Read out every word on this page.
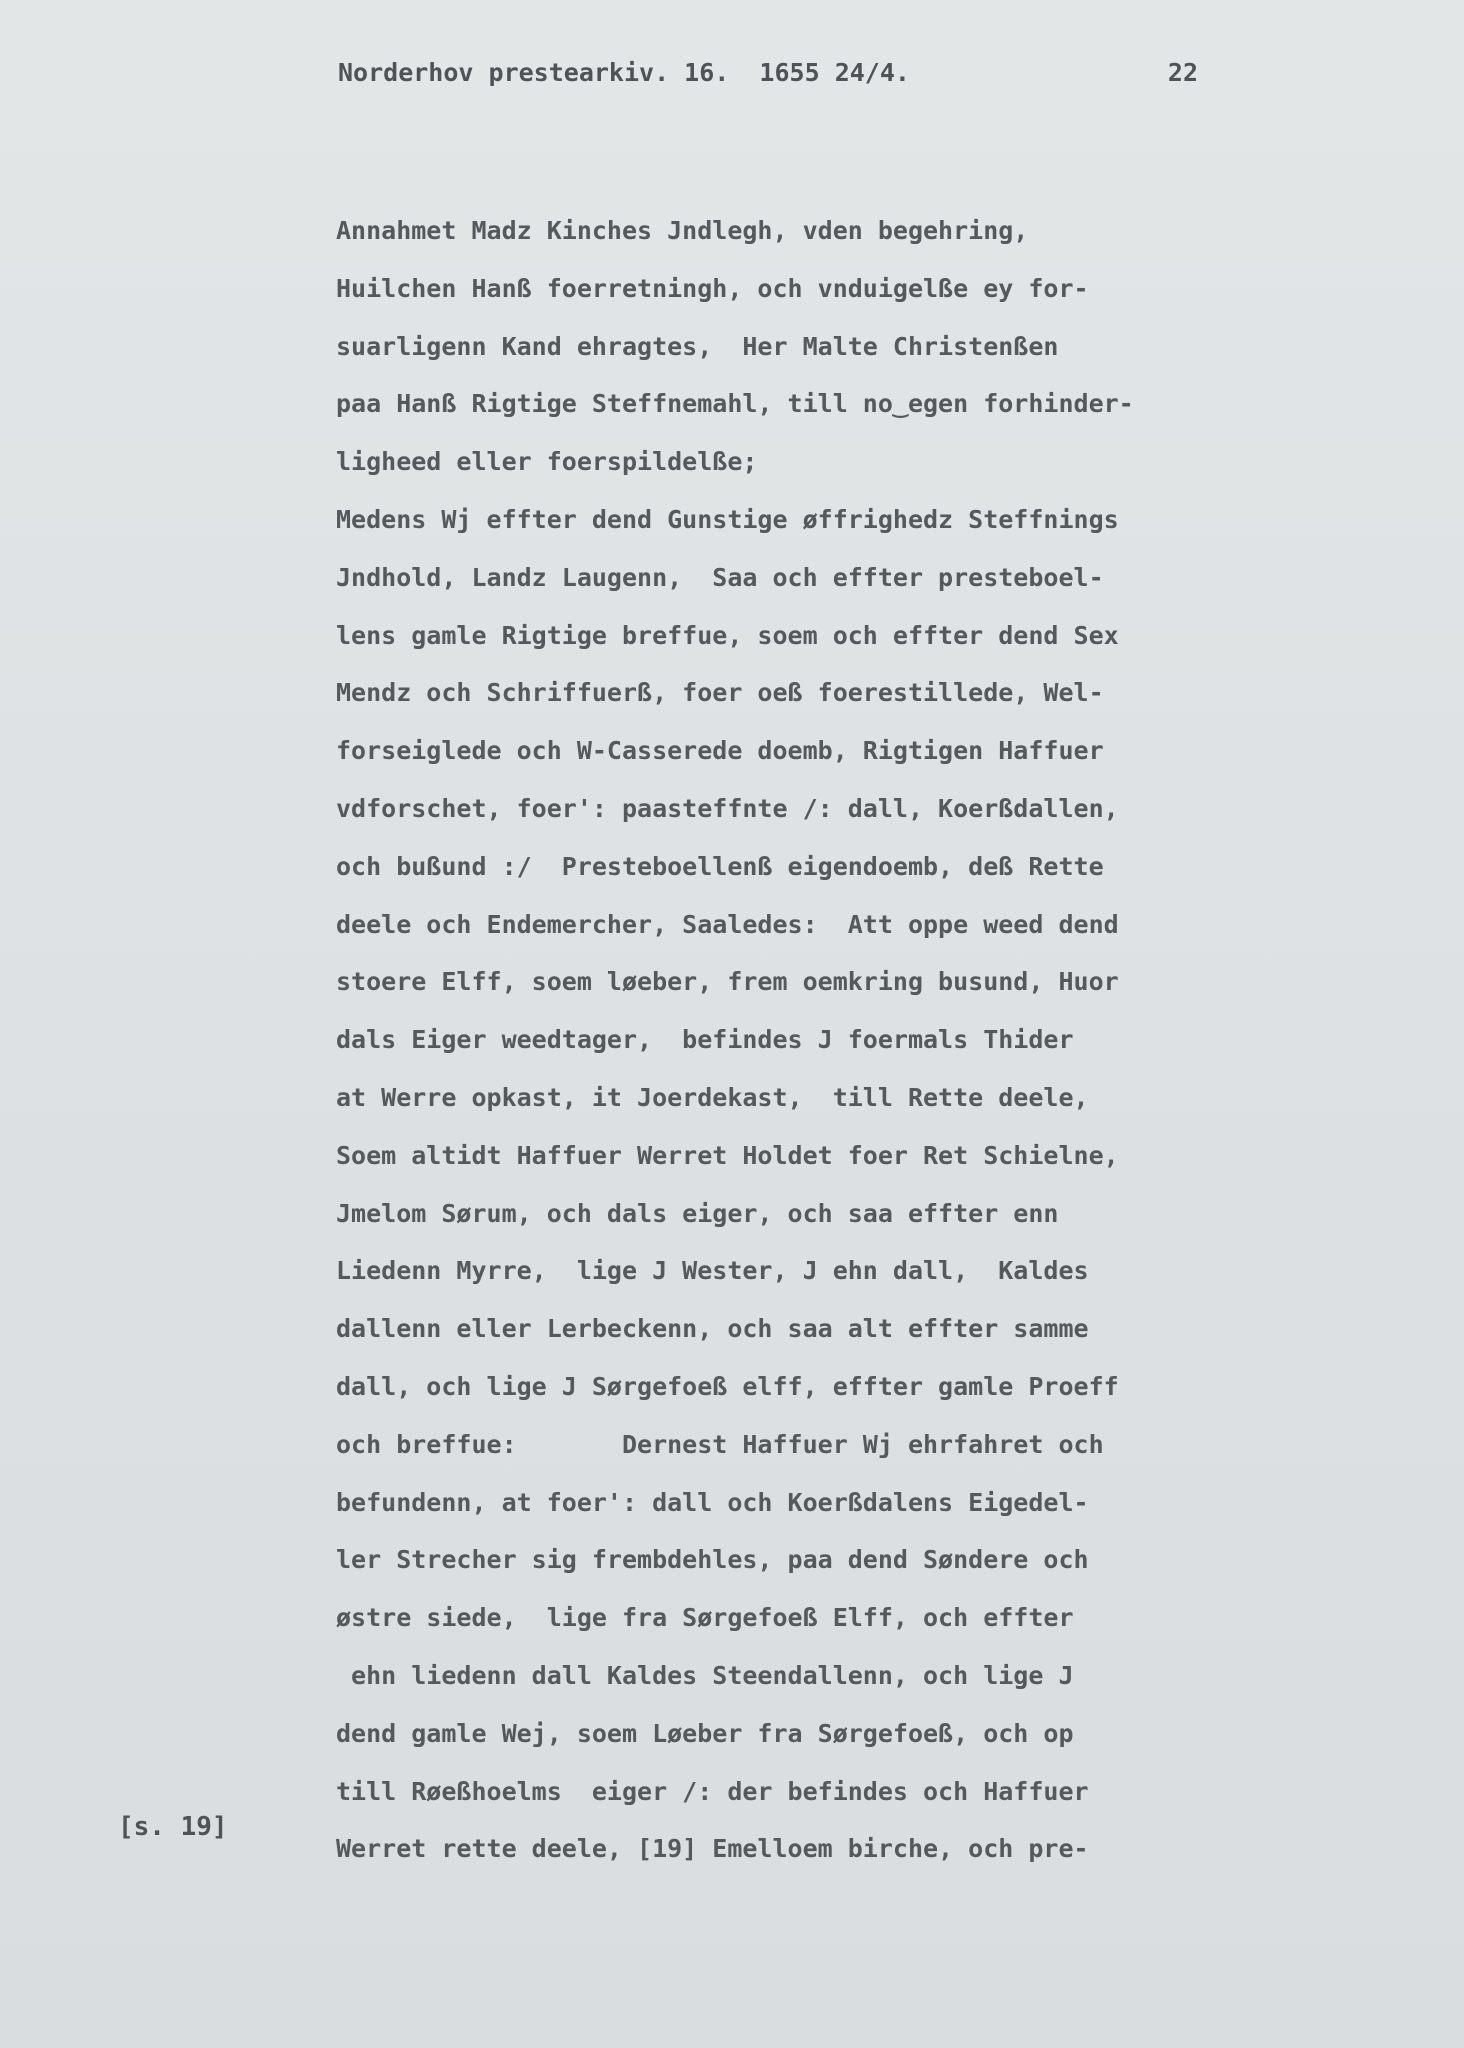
Norderhov prestearkiv. 16.  1655 24/4.

	22

Annahmet Madz Kinches Jndlegh, vden begehring,
Huilchen Hanß foerretningh, och vnduigelße ey for-
suarligenn Kand ehragtes,  Her Malte Christenßen
paa Hanß Rigtige Steffnemahl, till no‿egen forhinder-
ligheed eller foerspildelße;
Medens Wj effter dend Gunstige øffrighedz Steffnings
Jndhold, Landz Laugenn,  Saa och effter presteboel-
lens gamle Rigtige breffue, soem och effter dend Sex
Mendz och Schriffuerß, foer oeß foerestillede, Wel-
forseiglede och W-Casserede doemb, Rigtigen Haffuer
vdforschet, foer': paasteffnte /: dall, Koerßdallen,
och bußund :/  Presteboellenß eigendoemb, deß Rette
deele och Endemercher, Saaledes:  Att oppe weed dend
stoere Elff, soem løeber, frem oemkring busund, Huor
dals Eiger weedtager,  befindes J foermals Thider
at Werre opkast, it Joerdekast,  till Rette deele,
Soem altidt Haffuer Werret Holdet foer Ret Schielne,
Jmelom Sørum, och dals eiger, och saa effter enn
Liedenn Myrre,  lige J Wester, J ehn dall,  Kaldes
dallenn eller Lerbeckenn, och saa alt effter samme
dall, och lige J Sørgefoeß elff, effter gamle Proeff
och breffue:       Dernest Haffuer Wj ehrfahret och
befundenn, at foer': dall och Koerßdalens Eigedel-
ler Strecher sig frembdehles, paa dend Søndere och
østre siede,  lige fra Sørgefoeß Elff, och effter
ehn liedenn dall Kaldes Steendallenn, och lige J
dend gamle Wej, soem Løeber fra Sørgefoeß, och op
till Røeßhoelms  eiger /: der befindes och Haffuer
Werret rette deele, [19] Emelloem birche, och pre-
[s. 19]
